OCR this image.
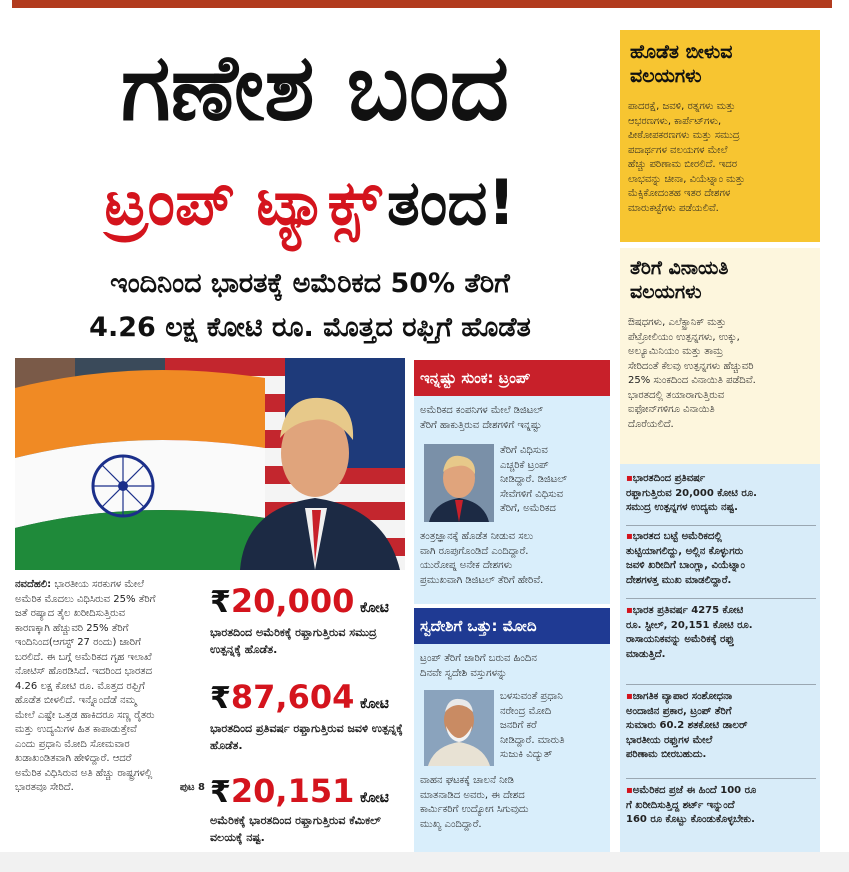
ಗಣೇಶ ಬಂದ
ಟ್ರಂಪ್ ಟ್ಯಾಕ್ಸ್ ತಂದ!
ಇಂದಿನಿಂದ ಭಾರತಕ್ಕೆ ಅಮೆರಿಕದ 50% ತೆರಿಗೆ
4.26 ಲಕ್ಷ ಕೋಟಿ ರೂ. ಮೊತ್ತದ ರಫ್ತಿಗೆ ಹೊಡೆತ
ನವದೆಹಲಿ: ಭಾರತೀಯ ಸರಕುಗಳ ಮೇಲೆ
ಅಮೆರಿಕ ಮೊದಲು ವಿಧಿಸಿರುವ 25% ತೆರಿಗೆ
ಜತೆ ರಷ್ಯಾದ ತೈಲ ಖರೀದಿಸುತ್ತಿರುವ
ಕಾರಣಕ್ಕಾಗಿ ಹೆಚ್ಚುವರಿ 25% ತೆರಿಗೆ
ಇಂದಿನಿಂದ(ಆಗಸ್ಟ್ 27 ರಂದು) ಜಾರಿಗೆ
ಬರಲಿದೆ. ಈ ಬಗ್ಗೆ ಅಮೆರಿಕದ ಗೃಹ ಇಲಾಖೆ
ನೋಟಿಸ್ ಹೊರಡಿಸಿದೆ. ಇದರಿಂದ ಭಾರತದ
4.26 ಲಕ್ಷ ಕೋಟಿ ರೂ. ಮೊತ್ತದ ರಫ್ತಿಗೆ
ಹೊಡೆತ ಬೀಳಲಿದೆ. ಇನ್ನೊಂದೆಡೆ ನಮ್ಮ
ಮೇಲೆ ಎಷ್ಟೇ ಒತ್ತಡ ಹಾಕಿದರೂ ಸಣ್ಣ ರೈತರು
ಮತ್ತು ಉದ್ಯಮಿಗಳ ಹಿತ ಕಾಪಾಡುತ್ತೇವೆ
ಎಂದು ಪ್ರಧಾನಿ ಮೋದಿ ಸೋಮವಾರ
ಖಡಾಖಂಡಿತವಾಗಿ ಹೇಳಿದ್ದಾರೆ. ಆದರೆ
ಅಮೆರಿಕ ವಿಧಿಸಿರುವ ಅತಿ ಹೆಚ್ಚು ರಾಷ್ಟ್ರಗಳಲ್ಲಿ
ಭಾರತವೂ ಸೇರಿದೆ.	ಪುಟ 8
₹20,000 ಕೋಟಿ
ಭಾರತದಿಂದ ಅಮೆರಿಕಕ್ಕೆ ರಫ್ತಾಗುತ್ತಿರುವ ಸಮುದ್ರ ಉತ್ಪನ್ನಕ್ಕೆ ಹೊಡೆತ.
₹87,604 ಕೋಟಿ
ಭಾರತದಿಂದ ಪ್ರತಿವರ್ಷ ರಫ್ತಾಗುತ್ತಿರುವ ಜವಳಿ ಉತ್ಪನ್ನಕ್ಕೆ ಹೊಡೆತ.
₹20,151 ಕೋಟಿ
ಅಮೆರಿಕಕ್ಕೆ ಭಾರತದಿಂದ ರಫ್ತಾಗುತ್ತಿರುವ ಕೆಮಿಕಲ್ ವಲಯಕ್ಕೆ ನಷ್ಟ.
ಇನ್ನಷ್ಟು ಸುಂಕ: ಟ್ರಂಪ್
ಅಮೆರಿಕದ ಕಂಪನಿಗಳ ಮೇಲೆ ಡಿಜಿಟಲ್
ತೆರಿಗೆ ಹಾಕುತ್ತಿರುವ ದೇಶಗಳಿಗೆ ಇನ್ನಷ್ಟು
ತೆರಿಗೆ ವಿಧಿಸುವ
ಎಚ್ಚರಿಕೆ ಟ್ರಂಪ್
ನೀಡಿದ್ದಾರೆ. ಡಿಜಿಟಲ್
ಸೇವೆಗಳಿಗೆ ವಿಧಿಸುವ
ತೆರಿಗೆ, ಅಮೆರಿಕದ
ತಂತ್ರಜ್ಞಾನಕ್ಕೆ ಹೊಡೆತ ನೀಡುವ ಸಲು
ವಾಗಿ ರೂಪುಗೊಂಡಿದೆ ಎಂದಿದ್ದಾರೆ.
ಯುರೋಪ್ನ ಅನೇಕ ದೇಶಗಳು
ಪ್ರಮುಖವಾಗಿ ಡಿಜಿಟಲ್ ತೆರಿಗೆ ಹೇರಿವೆ.
ಸ್ವದೇಶಿಗೆ ಒತ್ತು: ಮೋದಿ
ಟ್ರಂಪ್ ತೆರಿಗೆ ಜಾರಿಗೆ ಬರುವ ಹಿಂದಿನ
ದಿನವೇ ಸ್ವದೇಶಿ ವಸ್ತುಗಳನ್ನು
ಬಳಸುವಂತೆ ಪ್ರಧಾನಿ
ನರೇಂದ್ರ ಮೋದಿ
ಜನರಿಗೆ ಕರೆ
ನೀಡಿದ್ದಾರೆ. ಮಾರುತಿ
ಸುಜುಕಿ ವಿದ್ಯುತ್
ವಾಹನ ಘಟಕಕ್ಕೆ ಚಾಲನೆ ನೀಡಿ
ಮಾತನಾಡಿದ ಅವರು, ಈ ದೇಶದ
ಕಾರ್ಮಿಕರಿಗೆ ಉದ್ಯೋಗ ಸಿಗುವುದು
ಮುಖ್ಯ ಎಂದಿದ್ದಾರೆ.
ಹೊಡೆತ ಬೀಳುವ
ವಲಯಗಳು
ಪಾದರಕ್ಷೆ, ಜವಳಿ, ರತ್ನಗಳು ಮತ್ತು
ಆಭರಣಗಳು, ಕಾರ್ಪೆಟ್‌ಗಳು,
ಪೀಠೋಪಕರಣಗಳು ಮತ್ತು ಸಮುದ್ರ
ಪದಾರ್ಥಗಳ ವಲಯಗಳ ಮೇಲೆ
ಹೆಚ್ಚು ಪರಿಣಾಮ ಬೀರಲಿದೆ. ಇದರ
ಲಾಭವನ್ನು ಚೀನಾ, ವಿಯೆಟ್ನಾಂ ಮತ್ತು
ಮೆಕ್ಸಿಕೋದಂತಹ ಇತರ ದೇಶಗಳ
ಮಾರುಕಟ್ಟೆಗಳು ಪಡೆಯಲಿವೆ.
ತೆರಿಗೆ ವಿನಾಯತಿ
ವಲಯಗಳು
ಔಷಧಗಳು, ಎಲೆಕ್ಟ್ರಾನಿಕ್ ಮತ್ತು
ಪೆಟ್ರೋಲಿಯಂ ಉತ್ಪನ್ನಗಳು, ಉಕ್ಕು,
ಅಲ್ಯೂಮಿನಿಯಂ ಮತ್ತು ತಾಮ್ರ
ಸೇರಿದಂತೆ ಕೆಲವು ಉತ್ಪನ್ನಗಳು ಹೆಚ್ಚುವರಿ
25% ಸುಂಕದಿಂದ ವಿನಾಯಿತಿ ಪಡೆದಿವೆ.
ಭಾರತದಲ್ಲಿ ತಯಾರಾಗುತ್ತಿರುವ
ಐಫೋನ್‌ಗಳಿಗೂ ವಿನಾಯಿತಿ
ದೊರೆಯಲಿದೆ.
▪ಭಾರತದಿಂದ ಪ್ರತಿವರ್ಷ
ರಫ್ತಾಗುತ್ತಿರುವ 20,000 ಕೋಟಿ ರೂ.
ಸಮುದ್ರ ಉತ್ಪನ್ನಗಳ ಉದ್ಯಮ ನಷ್ಟ.
▪ಭಾರತದ ಬಟ್ಟೆ ಅಮೆರಿಕದಲ್ಲಿ
ತುಟ್ಟಿಯಾಗಲಿದ್ದು, ಅಲ್ಲಿನ ಕೊಳ್ಳುಗರು
ಜವಳಿ ಖರೀದಿಗೆ ಬಾಂಗ್ಲಾ, ವಿಯೆಟ್ನಾಂ
ದೇಶಗಳತ್ತ ಮುಖ ಮಾಡಲಿದ್ದಾರೆ.
▪ಭಾರತ ಪ್ರತಿವರ್ಷ 4275 ಕೋಟಿ
ರೂ. ಸ್ಟೀಲ್, 20,151 ಕೋಟಿ ರೂ.
ರಾಸಾಯನಿಕವನ್ನು ಅಮೆರಿಕಕ್ಕೆ ರಫ್ತು
ಮಾಡುತ್ತಿದೆ.
▪ಜಾಗತಿಕ ವ್ಯಾಪಾರ ಸಂಶೋಧನಾ
ಅಂದಾಜಿನ ಪ್ರಕಾರ, ಟ್ರಂಪ್ ತೆರಿಗೆ
ಸುಮಾರು 60.2 ಶತಕೋಟಿ ಡಾಲರ್
ಭಾರತೀಯ ರಫ್ತುಗಳ ಮೇಲೆ
ಪರಿಣಾಮ ಬೀರಬಹುದು.
▪ಅಮೆರಿಕದ ಪ್ರಜೆ ಈ ಹಿಂದೆ 100 ರೂ
ಗೆ ಖರೀದಿಸುತ್ತಿದ್ದ ಶರ್ಟ್ ಇನ್ನುಂದೆ
160 ರೂ ಕೊಟ್ಟು ಕೊಂಡುಕೊಳ್ಳಬೇಕು.
